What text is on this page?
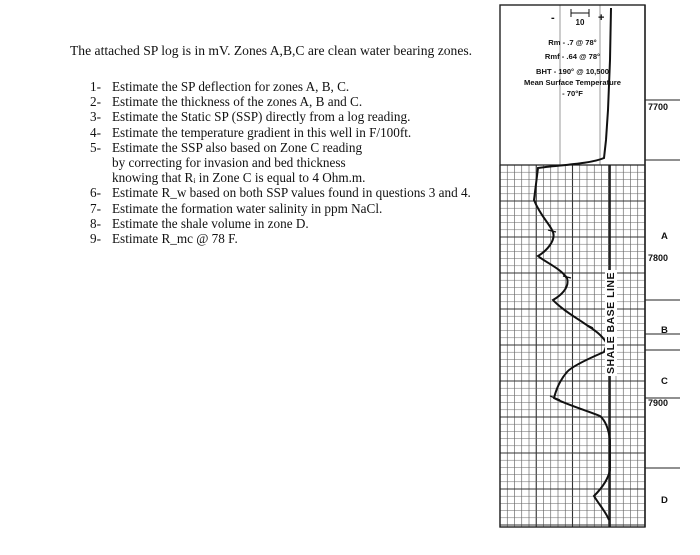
The attached SP log is in mV. Zones A,B,C are clean water bearing zones.
1- Estimate the SP deflection for zones A, B, C.
2- Estimate the thickness of the zones A, B and C.
3- Estimate the Static SP (SSP) directly from a log reading.
4- Estimate the temperature gradient in this well in F/100ft.
5- Estimate the SSP also based on Zone C reading
by correcting for invasion and bed thickness
knowing that Rᵢ in Zone C is equal to 4 Ohm.m.
6- Estimate R_w based on both SSP values found in questions 3 and 4.
7- Estimate the formation water salinity in ppm NaCl.
8- Estimate the shale volume in zone D.
9- Estimate R_mc @ 78 F.
-	+
10
Rm - .7 @ 78°
Rmf - .64 @ 78°
BHT - 190° @ 10,500
Mean Surface Temperature
- 70°F
7700
7800
7900
A
B
C
D
SHALE BASE LINE
